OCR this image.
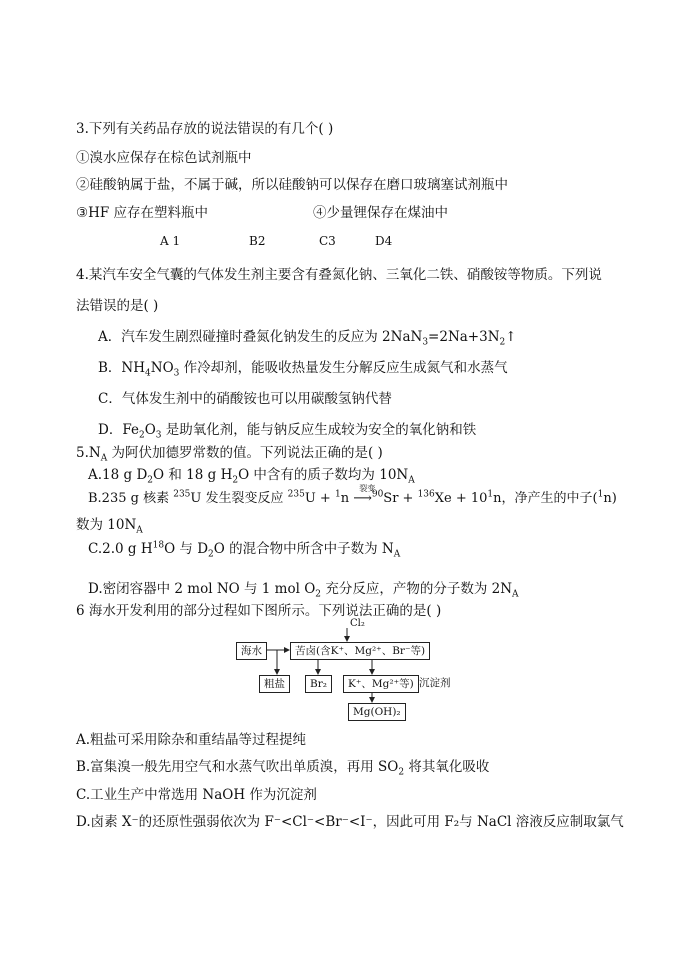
3.下列有关药品存放的说法错误的有几个( )
①溴水应保存在棕色试剂瓶中
②硅酸钠属于盐，不属于碱，所以硅酸钠可以保存在磨口玻璃塞试剂瓶中
③HF 应存在塑料瓶中	④少量锂保存在煤油中
A 1	B2	C3	D4
4.某汽车安全气囊的气体发生剂主要含有叠氮化钠、三氧化二铁、硝酸铵等物质。下列说
法错误的是( )
A．汽车发生剧烈碰撞时叠氮化钠发生的反应为 $2NaN_3=2Na+3N_2↑$
B．$NH_4NO_3$ 作冷却剂，能吸收热量发生分解反应生成氮气和水蒸气
C．气体发生剂中的硝酸铵也可以用碳酸氢钠代替
D．$Fe_2O_3$ 是助氧化剂，能与钠反应生成较为安全的氧化钠和铁
$5.N_A$ 为阿伏加德罗常数的值。下列说法正确的是( )
A.18 g $D_2O$ 和 18 g $H_2O$ 中含有的质子数均为 $10N_A$
B.235 g 核素 $^{235}$U 发生裂变反应 $^{235}$U + $^1$n
裂变
⟶$^{90}$Sr + $^{136}Xe + 10^1n$，净产生的中子($^1$n)
数为 $10N_A$
C.2.0 g $H^{18}O$ 与 $D_2O$ 的混合物中所含中子数为 $N_A$
D.密闭容器中 2 mol NO 与 1 mol $O_2$ 充分反应，产物的分子数为 $2N_A$
6 海水开发利用的部分过程如下图所示。下列说法正确的是( )
Cl₂
海水	苦卤(含K⁺、Mg²⁺、Br⁻等)
粗盐	Br₂	K⁺、Mg²⁺等) 沉淀剂
Mg(OH)₂
A.粗盐可采用除杂和重结晶等过程提纯
B.富集溴一般先用空气和水蒸气吹出单质溴，再用 $SO_2$ 将其氧化吸收
C.工业生产中常选用 NaOH 作为沉淀剂
D.卤素 X⁻的还原性强弱依次为 F⁻<Cl⁻<Br⁻<I⁻，因此可用 F₂与 NaCl 溶液反应制取氯气
